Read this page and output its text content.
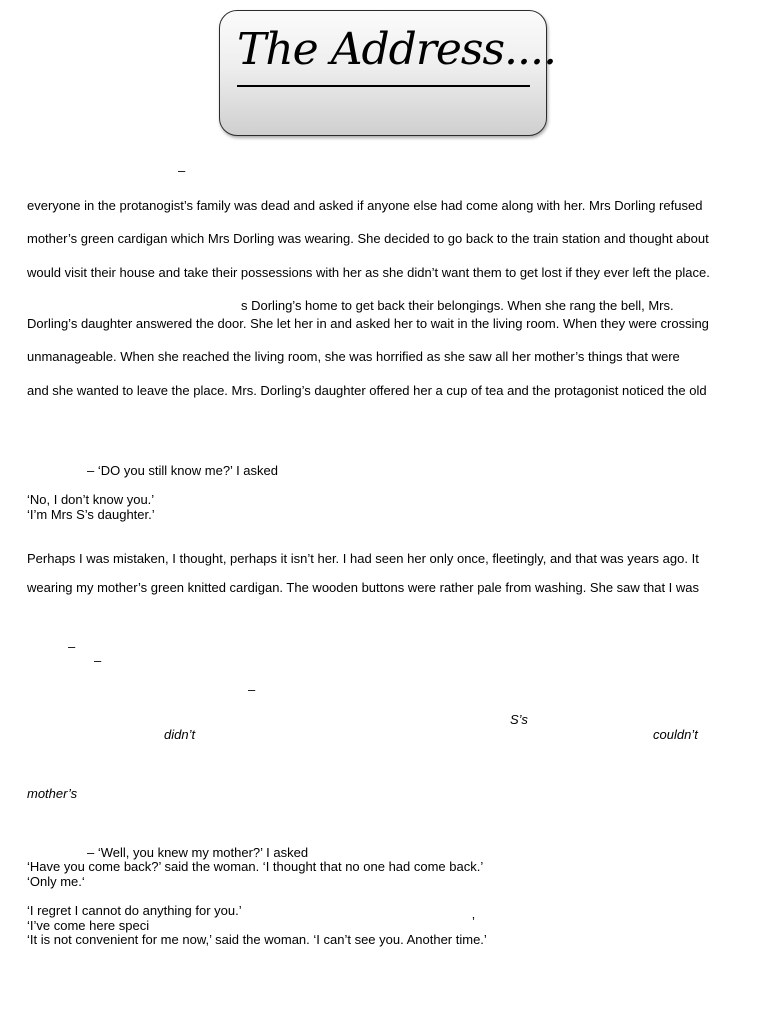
The Address....
–
everyone in the protanogist’s family was dead and asked if anyone else had come along with her. Mrs Dorling refused
mother’s green cardigan which Mrs Dorling was wearing. She decided to go back to the train station and thought about
would visit their house and take their possessions with her as she didn’t want them to get lost if they ever left the place.
s Dorling’s home to get back their belongings. When she rang the bell, Mrs.
Dorling’s daughter answered the door. She let her in and asked her to wait in the living room. When they were crossing
unmanageable. When she reached the living room, she was horrified as she saw all her mother’s things that were
and she wanted to leave the place. Mrs. Dorling’s daughter offered her a cup of tea and the protagonist noticed the old
– ‘DO you still know me?’ I asked
‘No, I don’t know you.’
‘I’m Mrs S’s daughter.’
Perhaps I was mistaken, I thought, perhaps it isn’t her. I had seen her only once, fleetingly, and that was years ago. It
wearing my mother’s green knitted cardigan. The wooden buttons were rather pale from washing. She saw that I was
–
–
–
S’s
didn’t	couldn’t
mother’s
– ‘Well, you knew my mother?’ I asked
‘Have you come back?’ said the woman. ‘I thought that no one had come back.’
‘Only me.‘
‘I regret I cannot do anything for you.’
‘I’ve come here speci	’
‘It is not convenient for me now,’ said the woman. ‘I can’t see you. Another time.’
